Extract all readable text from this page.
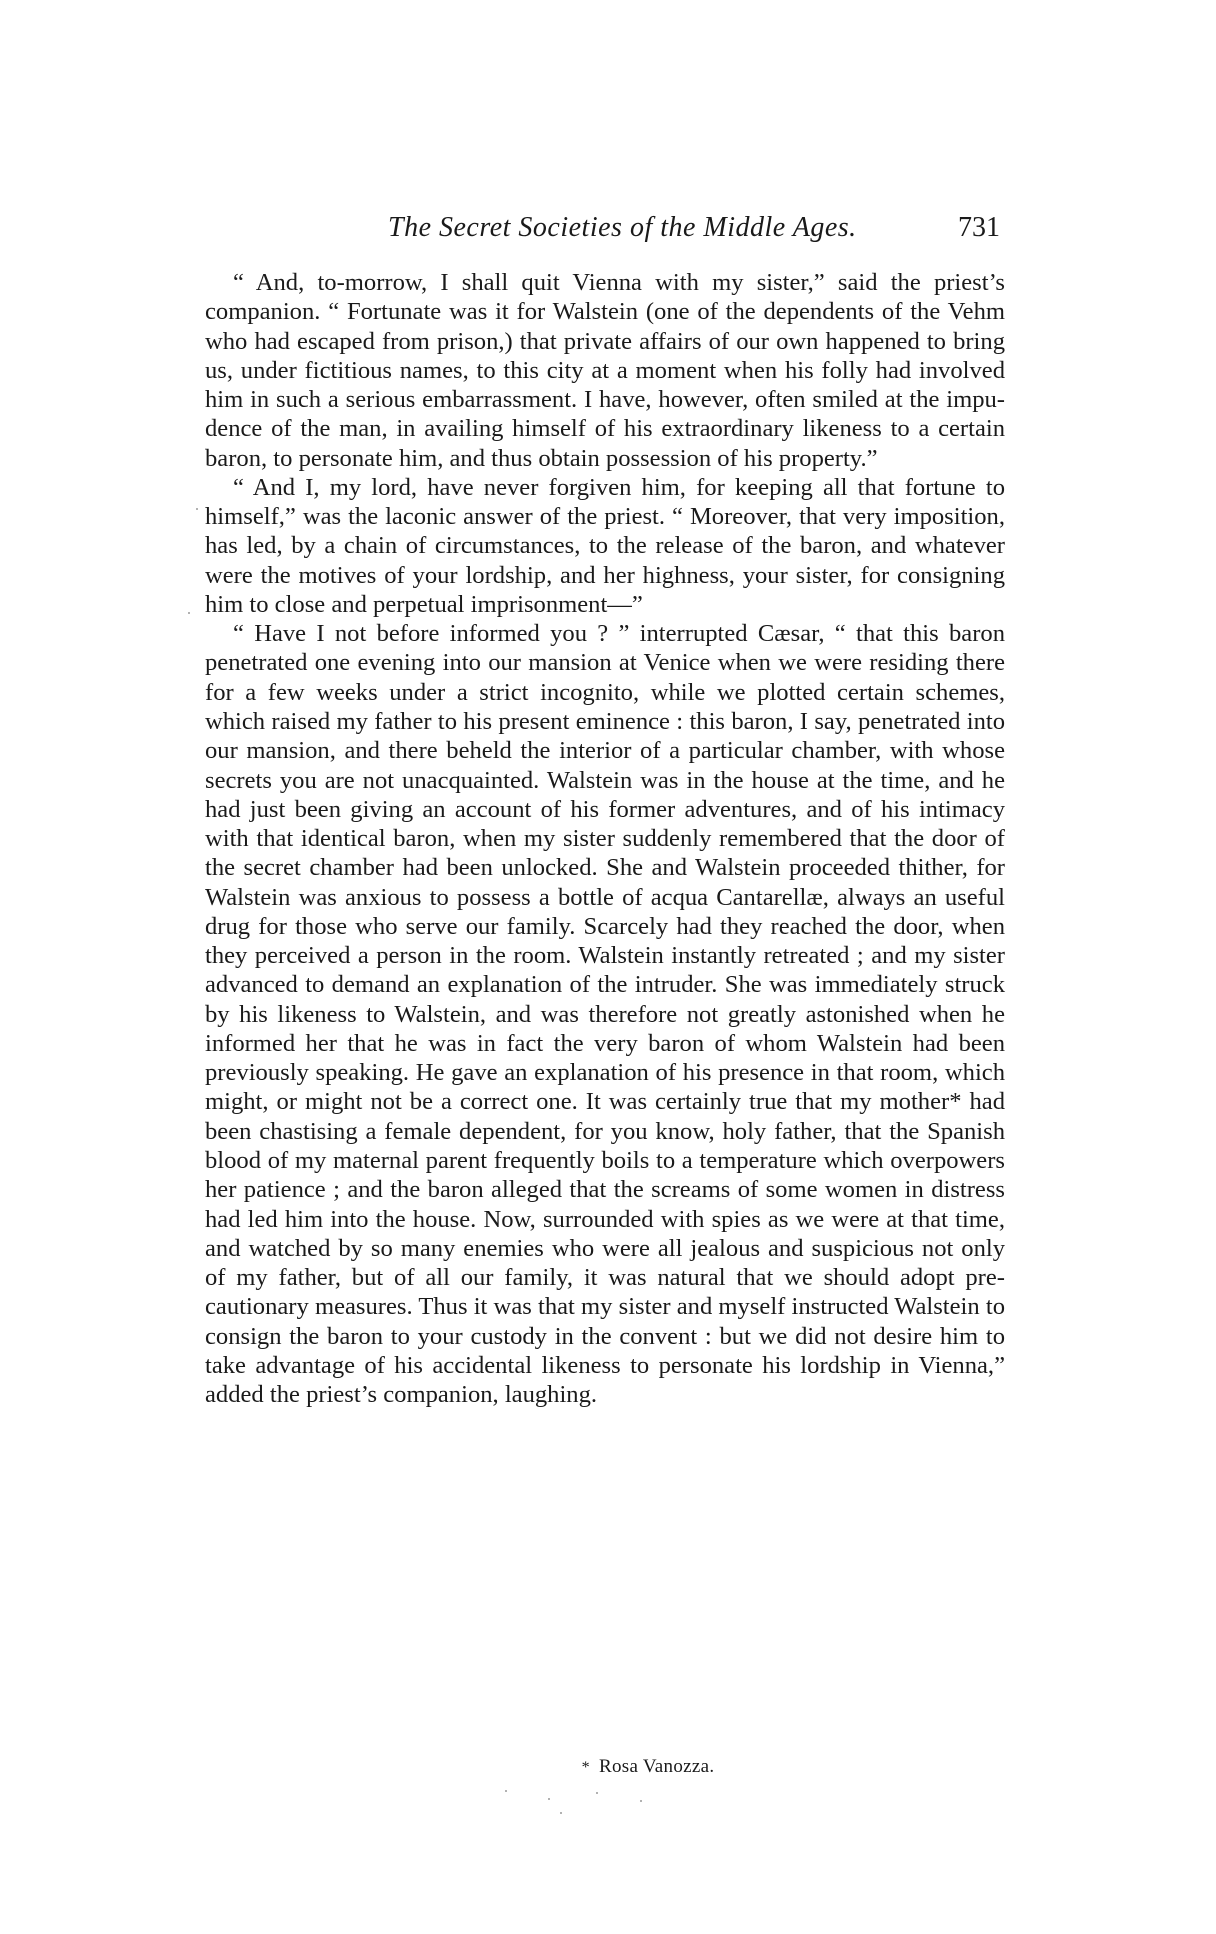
The Secret Societies of the Middle Ages.	731

“ And, to-morrow, I shall quit Vienna with my sister,” said the priest’s companion. “ Fortunate was it for Walstein (one of the dependents of the Vehm who had escaped from prison,) that private affairs of our own happened to bring us, under fictitious names, to this city at a moment when his folly had involved him in such a serious embarrassment. I have, however, often smiled at the impudence of the man, in availing himself of his extraordinary likeness to a certain baron, to personate him, and thus obtain possession of his property.”

“ And I, my lord, have never forgiven him, for keeping all that fortune to himself,” was the laconic answer of the priest. “ Moreover, that very imposition, has led, by a chain of circumstances, to the release of the baron, and whatever were the motives of your lordship, and her highness, your sister, for consigning him to close and perpetual imprisonment—”

“ Have I not before informed you ? ” interrupted Cæsar, “ that this baron penetrated one evening into our mansion at Venice when we were residing there for a few weeks under a strict incognito, while we plotted certain schemes, which raised my father to his present eminence : this baron, I say, penetrated into our mansion, and there beheld the interior of a particular chamber, with whose secrets you are not unacquainted. Walstein was in the house at the time, and he had just been giving an account of his former adventures, and of his intimacy with that identical baron, when my sister suddenly remembered that the door of the secret chamber had been unlocked. She and Walstein proceeded thither, for Walstein was anxious to possess a bottle of acqua Cantarellæ, always an useful drug for those who serve our family. Scarcely had they reached the door, when they perceived a person in the room. Walstein instantly retreated ; and my sister advanced to demand an explanation of the intruder. She was immediately struck by his likeness to Walstein, and was therefore not greatly astonished when he informed her that he was in fact the very baron of whom Walstein had been previously speaking. He gave an explanation of his presence in that room, which might, or might not be a correct one. It was certainly true that my mother* had been chastising a female dependent, for you know, holy father, that the Spanish blood of my maternal parent frequently boils to a temperature which overpowers her patience ; and the baron alleged that the screams of some women in distress had led him into the house. Now, surrounded with spies as we were at that time, and watched by so many enemies who were all jealous and suspicious not only of my father, but of all our family, it was natural that we should adopt precautionary measures. Thus it was that my sister and myself instructed Walstein to consign the baron to your custody in the convent : but we did not desire him to take advantage of his accidental likeness to personate his lordship in Vienna,” added the priest’s companion, laughing.

* Rosa Vanozza.
